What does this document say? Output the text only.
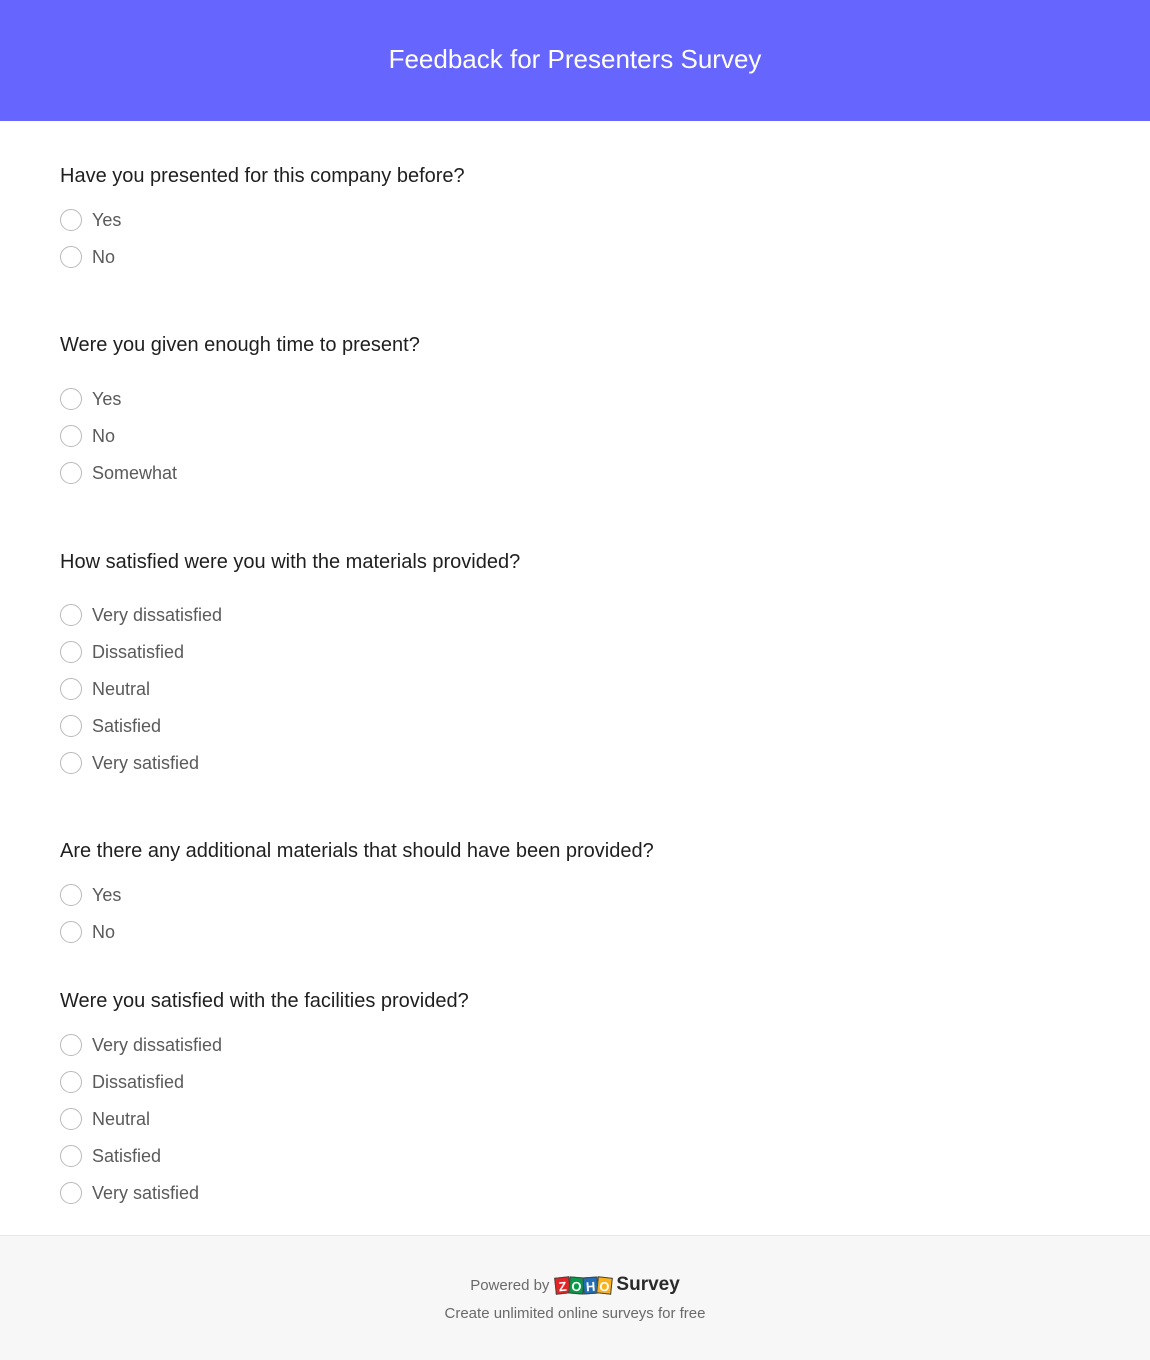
Feedback for Presenters Survey
Have you presented for this company before?
Yes
No
Were you given enough time to present?
Yes
No
Somewhat
How satisfied were you with the materials provided?
Very dissatisfied
Dissatisfied
Neutral
Satisfied
Very satisfied
Are there any additional materials that should have been provided?
Yes
No
Were you satisfied with the facilities provided?
Very dissatisfied
Dissatisfied
Neutral
Satisfied
Very satisfied
Powered by Z O H O Survey
Create unlimited online surveys for free
